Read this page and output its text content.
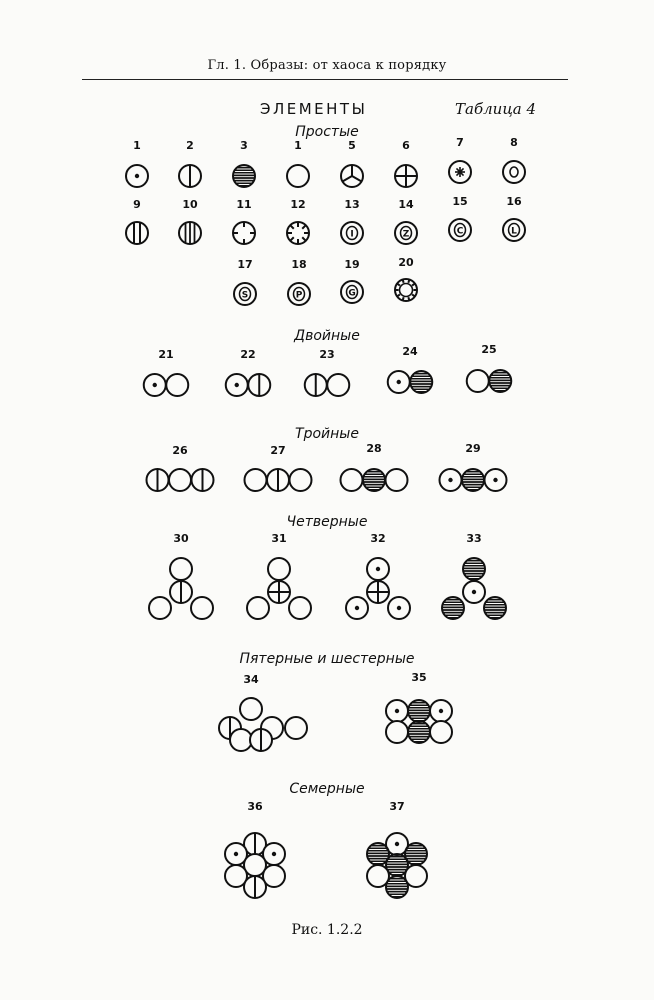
Гл. 1. Образы: от хаоса к порядку
ЭЛЕМЕНТЫ	Таблица 4
Простые
Двойные
Тройные
Четверные
Пятерные и шестерные
Семерные
1	2	3	1	5	6	7	8
9	10	11	12	13	14	15	16
17	18	19	20
21	22	23	24	25
26	27	28	29
30	31	32	33
34	35
36	37
I	Z	C	L
S	P	G
Рис. 1.2.2
